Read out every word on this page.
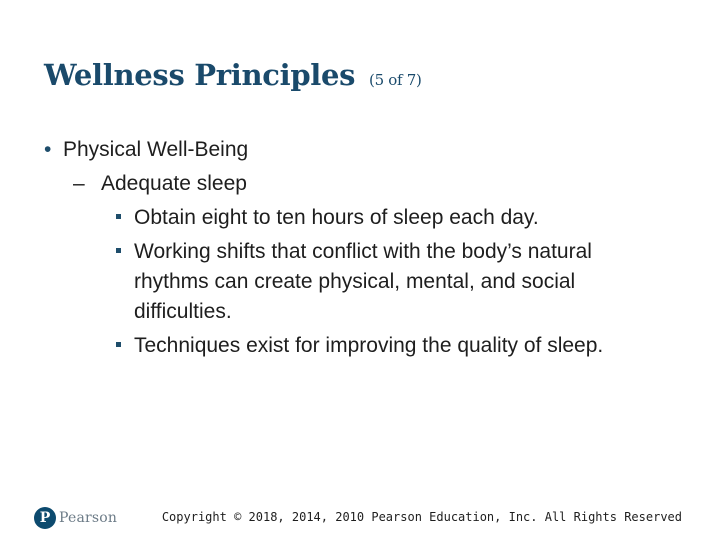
Wellness Principles (5 of 7)
• Physical Well-Being
– Adequate sleep
Obtain eight to ten hours of sleep each day.
Working shifts that conflict with the body’s natural
rhythms can create physical, mental, and social
difficulties.
Techniques exist for improving the quality of sleep.
P Pearson	Copyright © 2018, 2014, 2010 Pearson Education, Inc. All Rights Reserved
